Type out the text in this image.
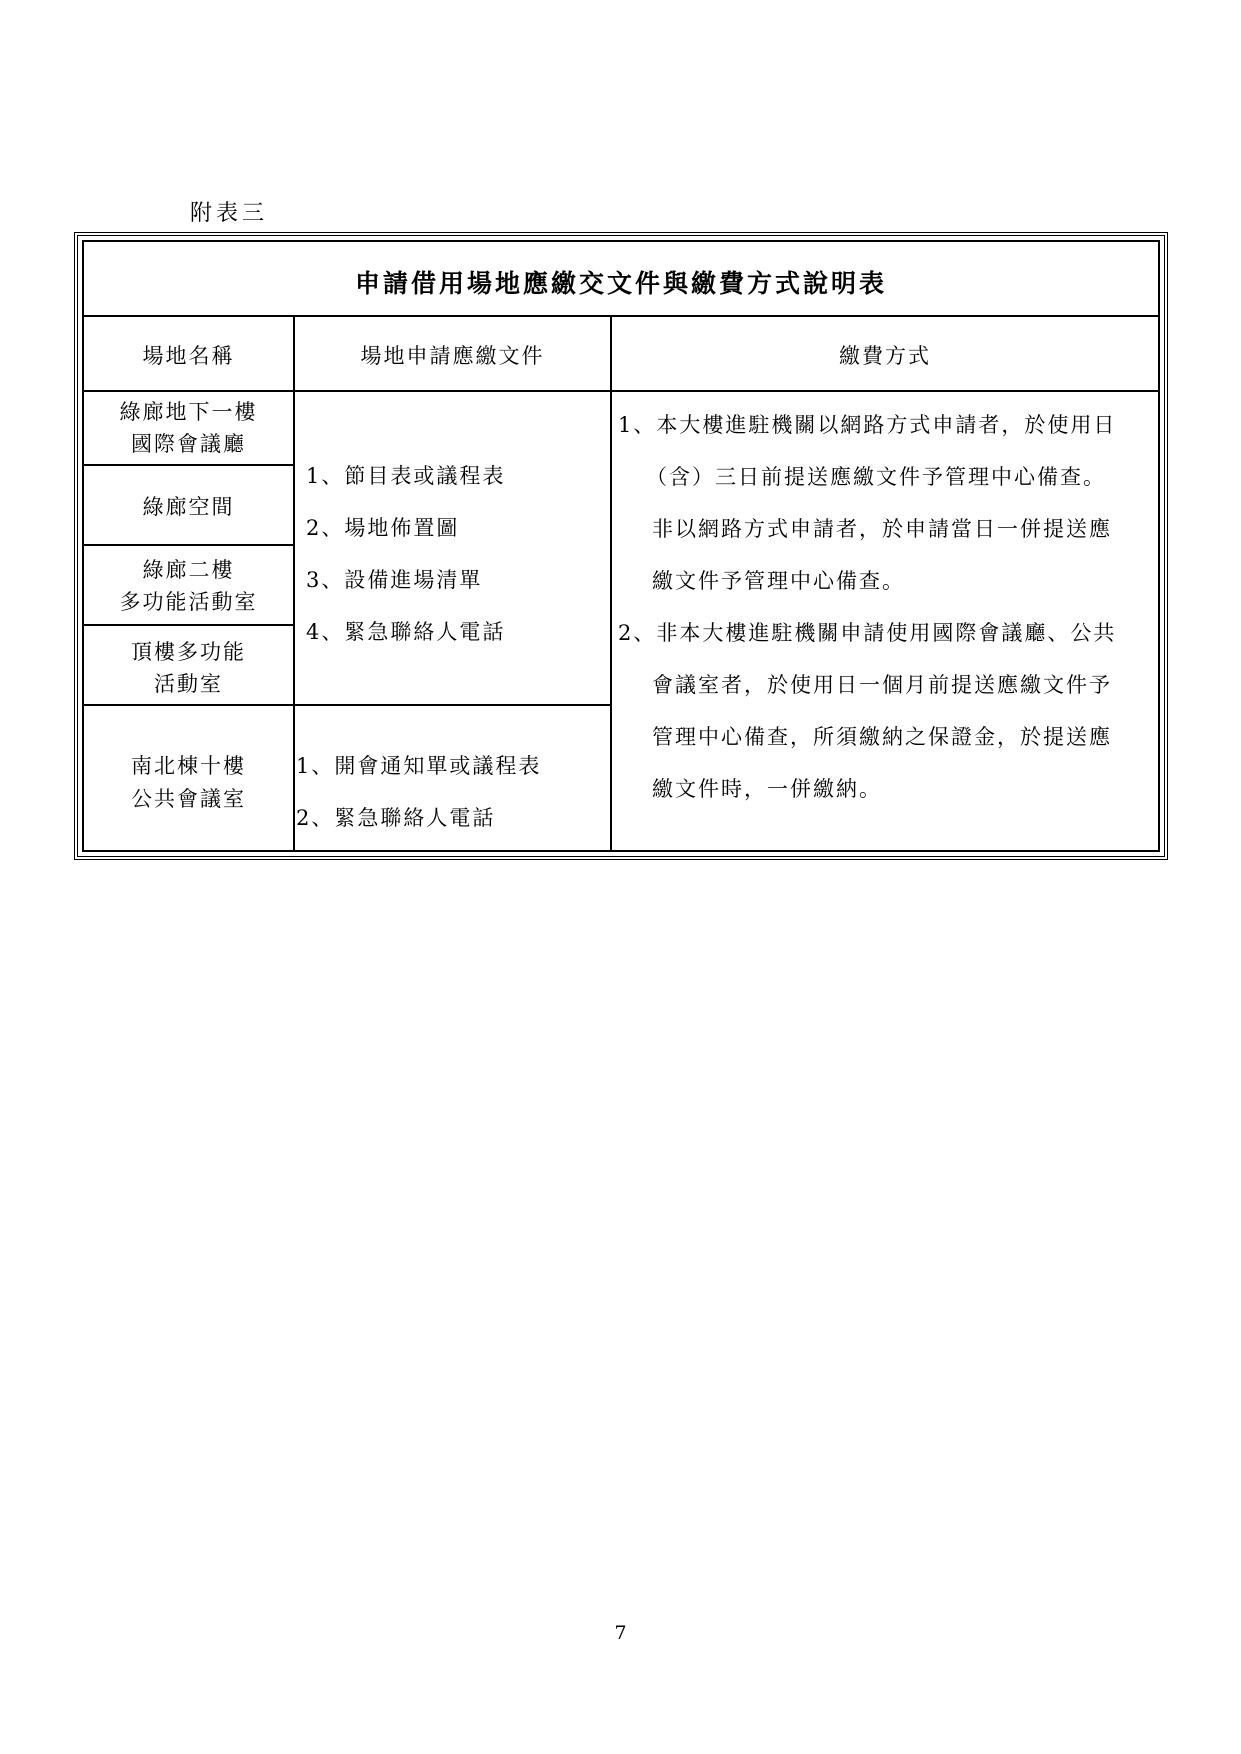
附表三
申請借用場地應繳交文件與繳費方式說明表
場地名稱	場地申請應繳文件	繳費方式
綠廊地下一樓
國際會議廳
綠廊空間
綠廊二樓
多功能活動室
頂樓多功能
活動室
南北棟十樓
公共會議室
1、節目表或議程表
2、場地佈置圖
3、設備進場清單
4、緊急聯絡人電話
1、開會通知單或議程表
2、緊急聯絡人電話
1、本大樓進駐機關以網路方式申請者，於使用日
（含）三日前提送應繳文件予管理中心備查。
非以網路方式申請者，於申請當日一併提送應
繳文件予管理中心備查。
2、非本大樓進駐機關申請使用國際會議廳、公共
會議室者，於使用日一個月前提送應繳文件予
管理中心備查，所須繳納之保證金，於提送應
繳文件時，一併繳納。
7
